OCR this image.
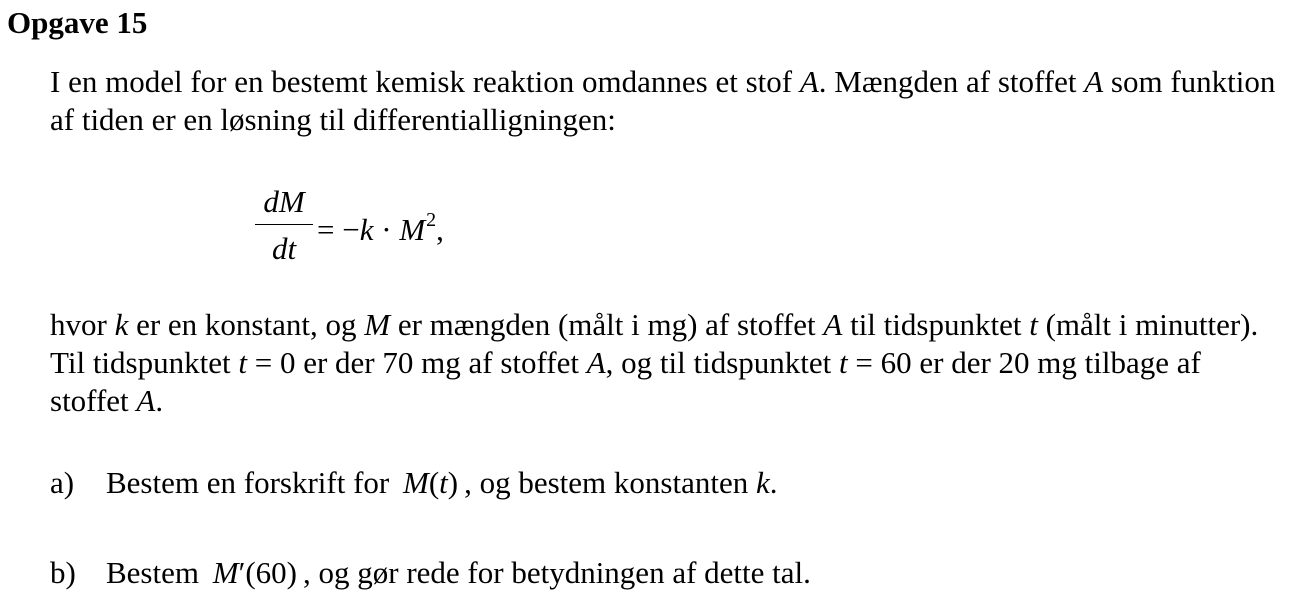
Opgave 15

I en model for en bestemt kemisk reaktion omdannes et stof A. Mængden af stoffet A som funktion af tiden er en løsning til differentialligningen:

$\frac{dM}{dt} = -k \cdot M^2$,

hvor k er en konstant, og M er mængden (målt i mg) af stoffet A til tidspunktet t (målt i minutter). Til tidspunktet t = 0 er der 70 mg af stoffet A, og til tidspunktet t = 60 er der 20 mg tilbage af stoffet A.

a) Bestem en forskrift for M(t) , og bestem konstanten k.

b) Bestem M′(60) , og gør rede for betydningen af dette tal.
